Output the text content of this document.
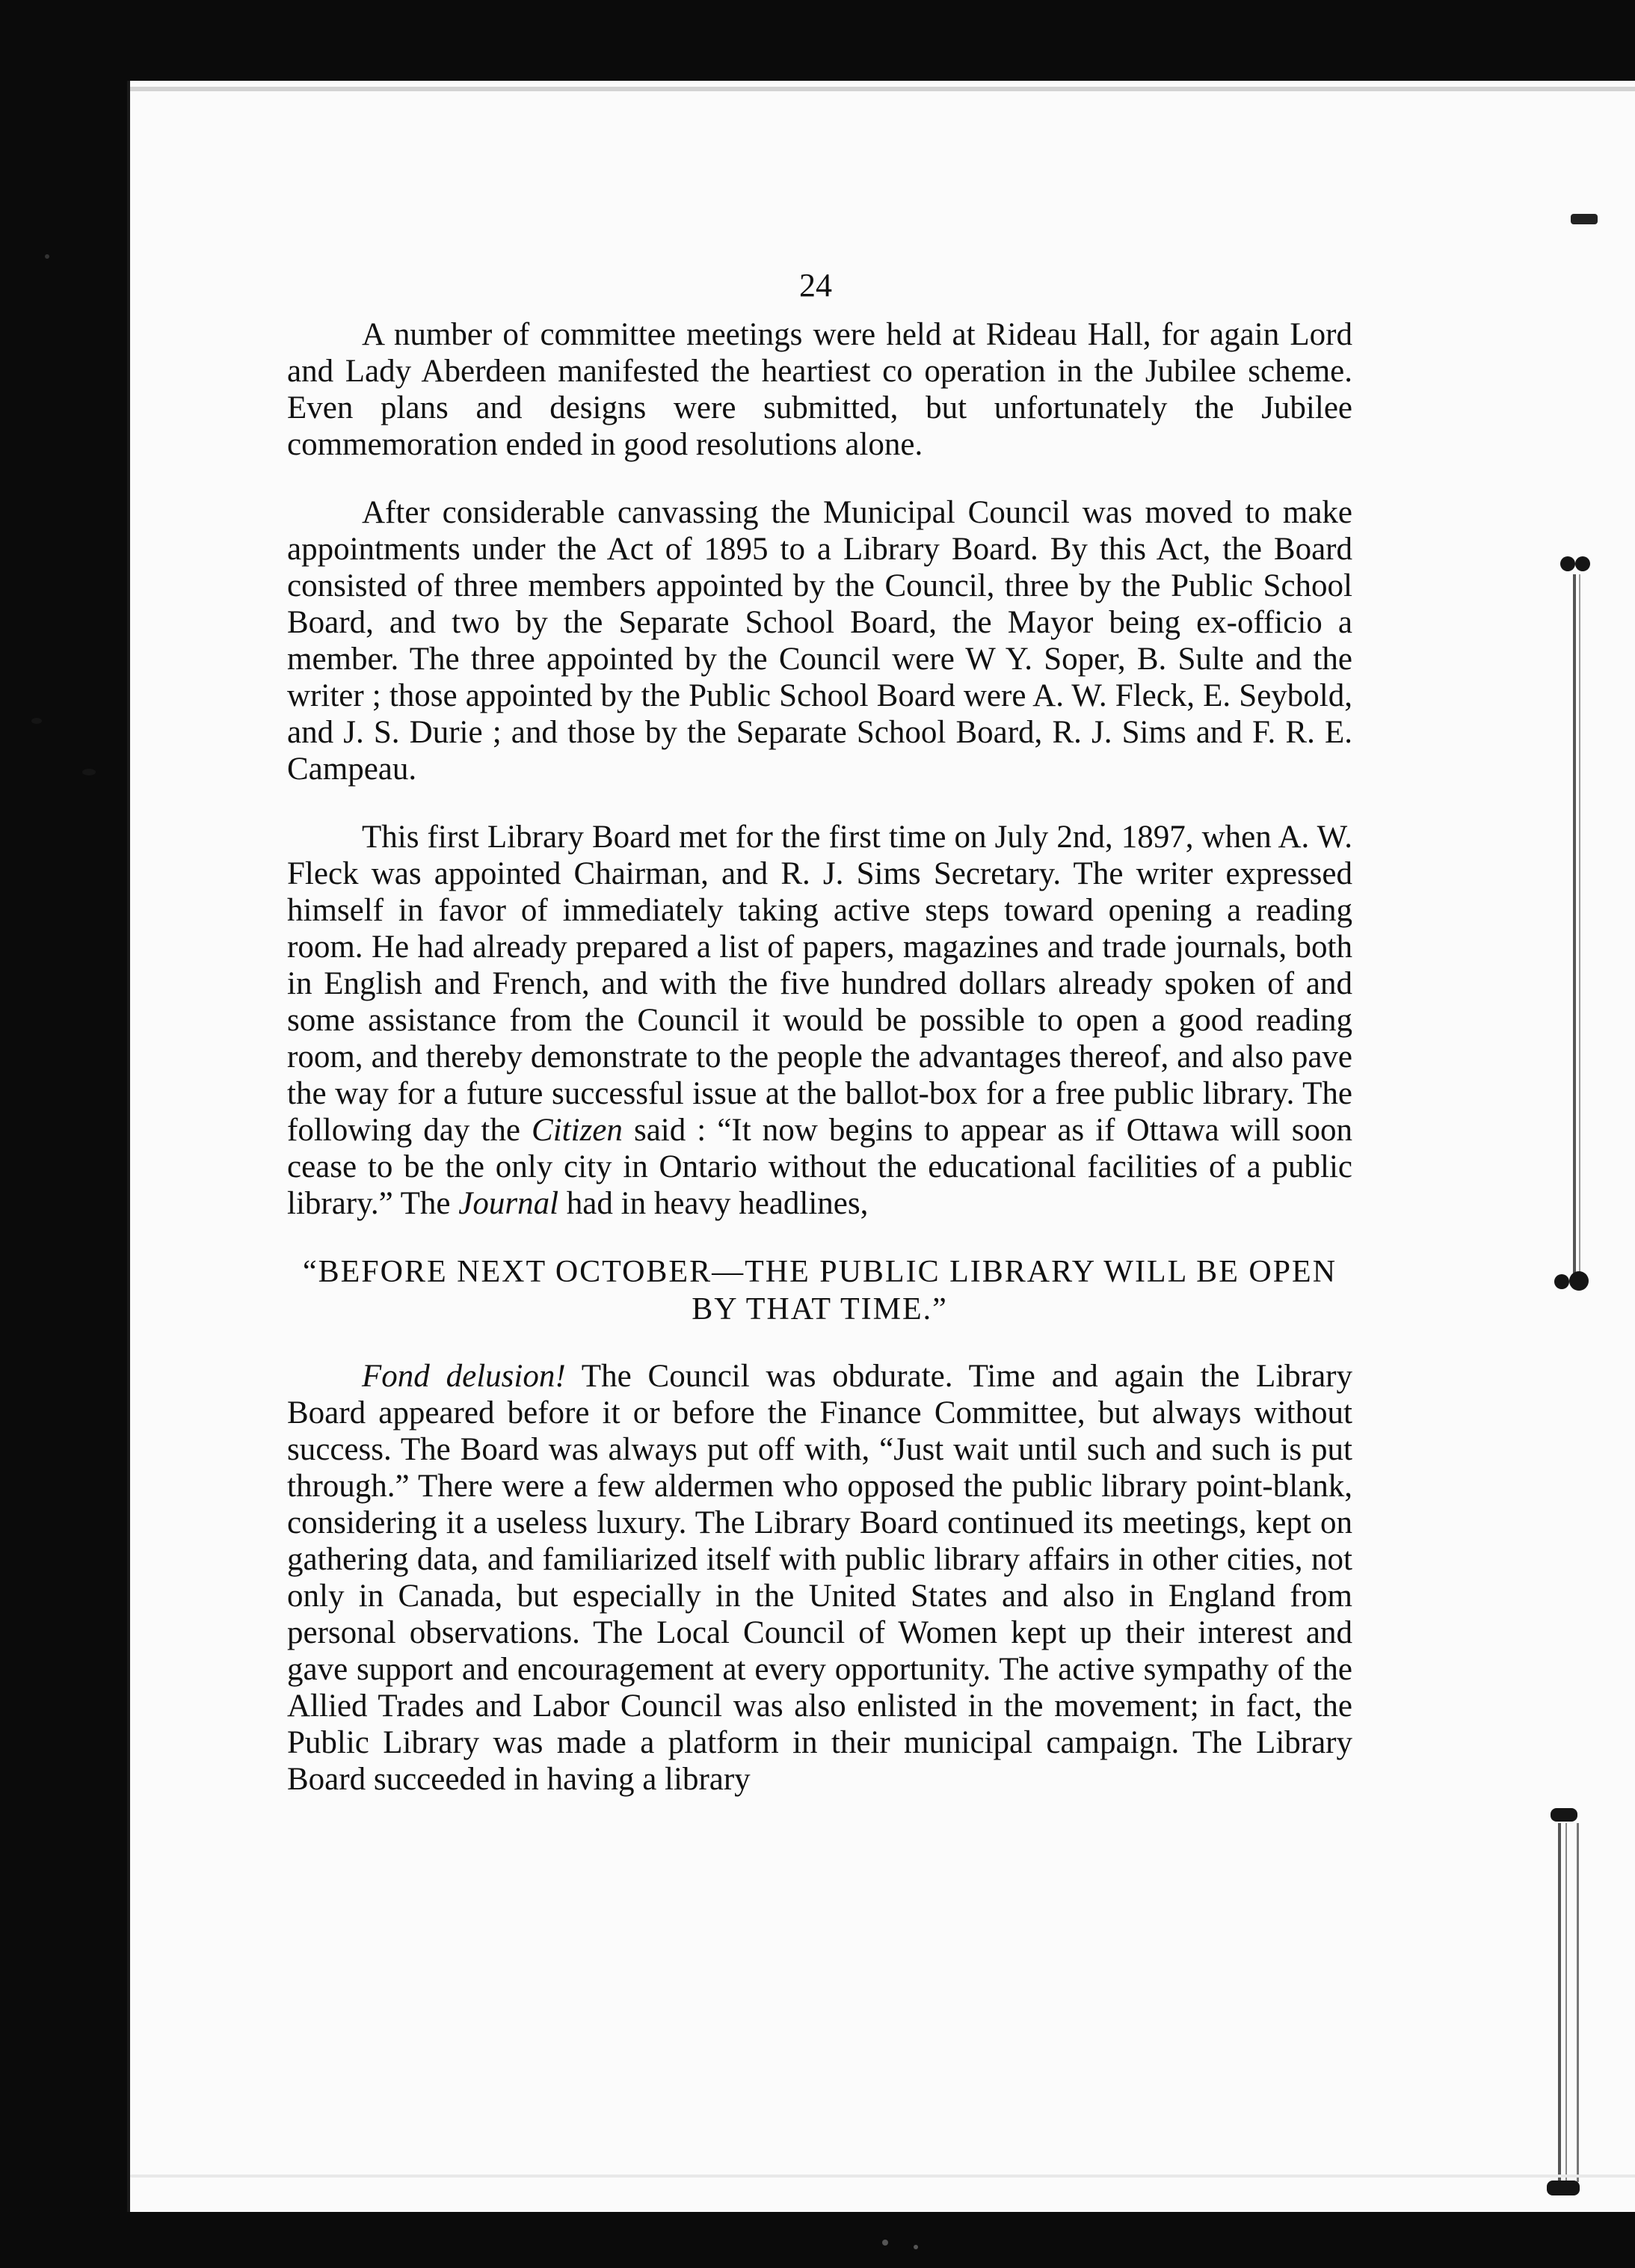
24

A number of committee meetings were held at Rideau Hall, for again Lord and Lady Aberdeen manifested the heartiest co operation in the Jubilee scheme. Even plans and designs were submitted, but unfortunately the Jubilee commemoration ended in good resolutions alone.

After considerable canvassing the Municipal Council was moved to make appointments under the Act of 1895 to a Library Board. By this Act, the Board consisted of three members appointed by the Council, three by the Public School Board, and two by the Separate School Board, the Mayor being ex-officio a member. The three appointed by the Council were W Y. Soper, B. Sulte and the writer ; those appointed by the Public School Board were A. W. Fleck, E. Seybold, and J. S. Durie ; and those by the Separate School Board, R. J. Sims and F. R. E. Campeau.

This first Library Board met for the first time on July 2nd, 1897, when A. W. Fleck was appointed Chairman, and R. J. Sims Secretary. The writer expressed himself in favor of immediately taking active steps toward opening a reading room. He had already prepared a list of papers, magazines and trade journals, both in English and French, and with the five hundred dollars already spoken of and some assistance from the Council it would be possible to open a good reading room, and thereby demonstrate to the people the advantages thereof, and also pave the way for a future successful issue at the ballot-box for a free public library. The following day the Citizen said : “It now begins to appear as if Ottawa will soon cease to be the only city in Ontario without the educational facilities of a public library.” The Journal had in heavy headlines,

“BEFORE NEXT OCTOBER—THE PUBLIC LIBRARY WILL BE OPEN BY THAT TIME.”

Fond delusion! The Council was obdurate. Time and again the Library Board appeared before it or before the Finance Committee, but always without success. The Board was always put off with, “Just wait until such and such is put through.” There were a few aldermen who opposed the public library point-blank, considering it a useless luxury. The Library Board continued its meetings, kept on gathering data, and familiarized itself with public library affairs in other cities, not only in Canada, but especially in the United States and also in England from personal observations. The Local Council of Women kept up their interest and gave support and encouragement at every opportunity. The active sympathy of the Allied Trades and Labor Council was also enlisted in the movement; in fact, the Public Library was made a platform in their municipal campaign. The Library Board succeeded in having a library
